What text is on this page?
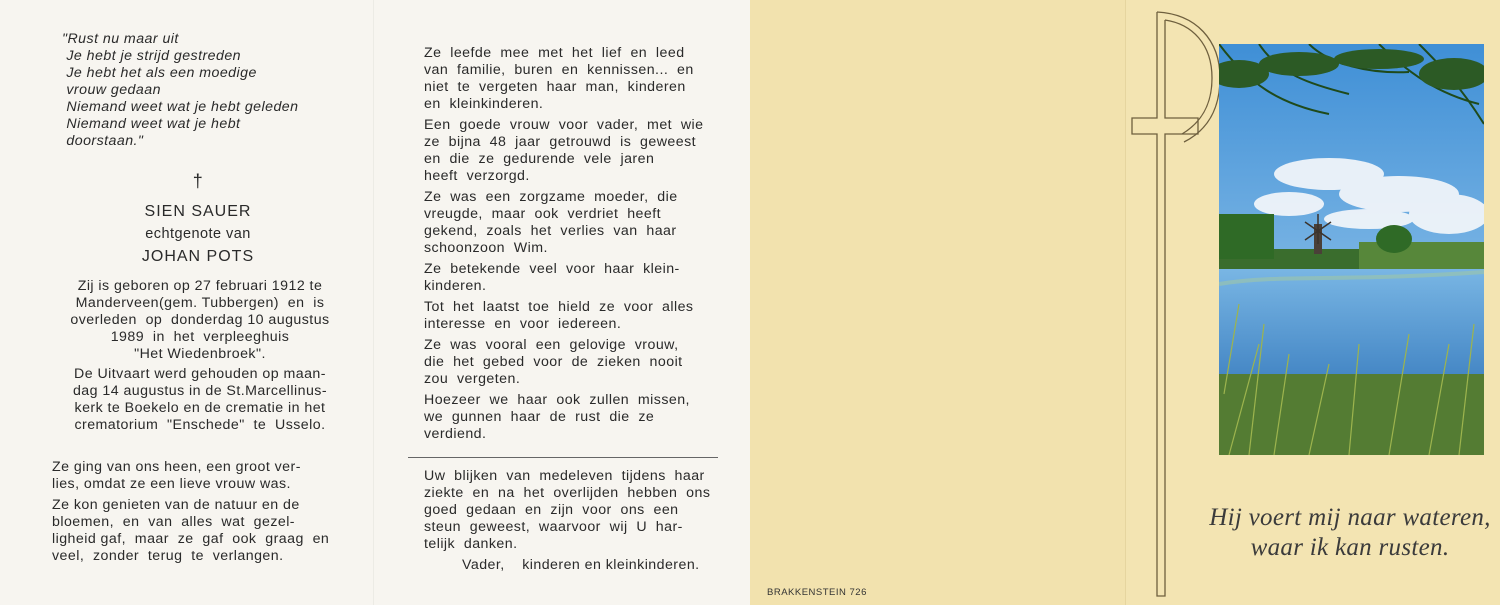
"Rust nu maar uit
Je hebt je strijd gestreden
Je hebt het als een moedige
vrouw gedaan
Niemand weet wat je hebt geleden
Niemand weet wat je hebt
doorstaan."
†
SIEN SAUER
echtgenote van
JOHAN POTS
Zij is geboren op 27 februari 1912 te
Manderveen(gem. Tubbergen)  en  is
overleden  op  donderdag 10 augustus
1989  in  het  verpleeghuis
"Het Wiedenbroek".
De Uitvaart werd gehouden op maan-
dag 14 augustus in de St.Marcellinus-
kerk te Boekelo en de crematie in het
crematorium  "Enschede"  te  Usselo.
Ze ging van ons heen, een groot ver-
lies, omdat ze een lieve vrouw was.
Ze kon genieten van de natuur en de
bloemen,  en  van  alles  wat  gezel-
ligheid gaf,  maar  ze  gaf  ook  graag  en
veel,  zonder  terug  te  verlangen.
Ze  leefde  mee  met  het  lief  en  leed
van  familie,  buren  en  kennissen...  en
niet  te  vergeten  haar  man,  kinderen
en  kleinkinderen.
Een  goede  vrouw  voor  vader,  met  wie
ze  bijna  48  jaar  getrouwd  is  geweest
en  die  ze  gedurende  vele  jaren
heeft  verzorgd.
Ze  was  een  zorgzame  moeder,  die
vreugde,  maar  ook  verdriet  heeft
gekend,  zoals  het  verlies  van  haar
schoonzoon  Wim.
Ze  betekende  veel  voor  haar  klein-
kinderen.
Tot  het  laatst  toe  hield  ze  voor  alles
interesse  en  voor  iedereen.
Ze  was  vooral  een  gelovige  vrouw,
die  het  gebed  voor  de  zieken  nooit
zou  vergeten.
Hoezeer  we  haar  ook  zullen  missen,
we  gunnen  haar  de  rust  die  ze
verdiend.
Uw  blijken  van  medeleven  tijdens  haar
ziekte  en  na  het  overlijden  hebben  ons
goed  gedaan  en  zijn  voor  ons  een
steun  geweest,  waarvoor  wij  U  har-
telijk  danken.
Vader,    kinderen en kleinkinderen.
BRAKKENSTEIN 726
Hij voert mij naar wateren,
waar ik kan rusten.
